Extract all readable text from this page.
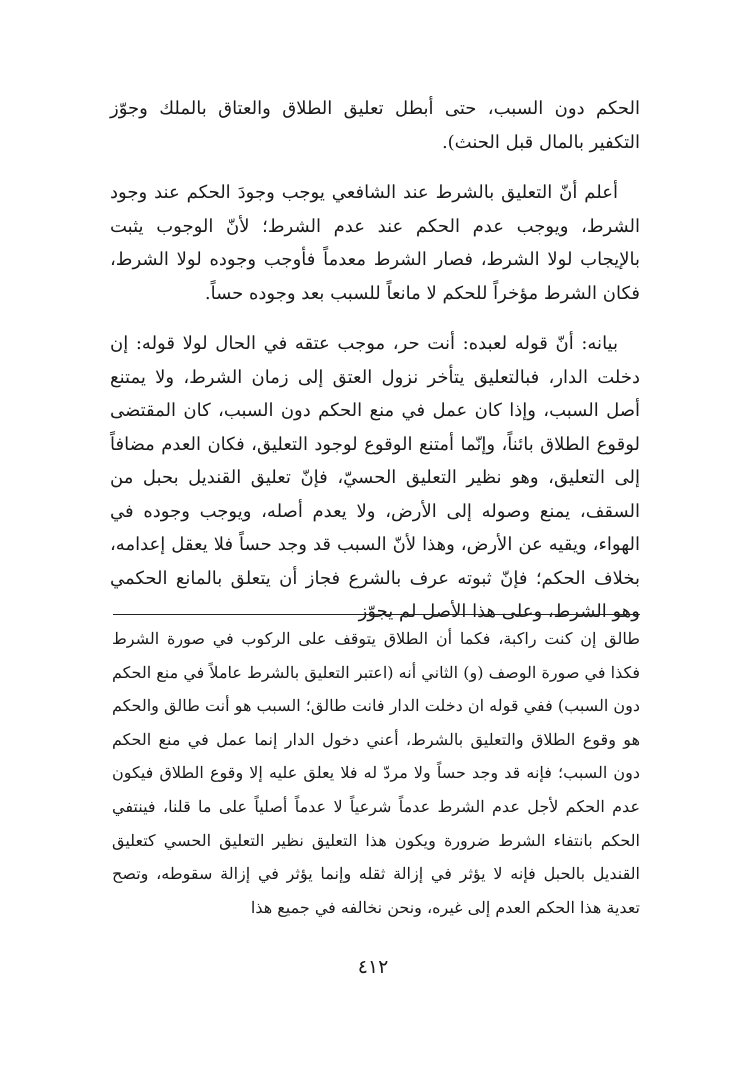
الحكم دون السبب، حتى أبطل تعليق الطلاق والعتاق بالملك وجوّز التكفير بالمال قبل الحنث).

أعلم أنّ التعليق بالشرط عند الشافعي يوجب وجودَ الحكم عند وجود الشرط، ويوجب عدم الحكم عند عدم الشرط؛ لأنّ الوجوب يثبت بالإيجاب لولا الشرط، فصار الشرط معدماً فأوجب وجوده لولا الشرط، فكان الشرط مؤخراً للحكم لا مانعاً للسبب بعد وجوده حساً.

بيانه: أنّ قوله لعبده: أنت حر، موجب عتقه في الحال لولا قوله: إن دخلت الدار، فبالتعليق يتأخر نزول العتق إلى زمان الشرط، ولا يمتنع أصل السبب، وإذا كان عمل في منع الحكم دون السبب، كان المقتضى لوقوع الطلاق بائناً، وإنّما أمتنع الوقوع لوجود التعليق، فكان العدم مضافاً إلى التعليق، وهو نظير التعليق الحسيّ، فإنّ تعليق القنديل بحبل من السقف، يمنع وصوله إلى الأرض، ولا يعدم أصله، ويوجب وجوده في الهواء، ويقيه عن الأرض، وهذا لأنّ السبب قد وجد حساً فلا يعقل إعدامه، بخلاف الحكم؛ فإنّ ثبوته عرف بالشرع فجاز أن يتعلق بالمانع الحكمي وهو الشرط، وعلى هذا الأصل لم يجوّز

طالق إن كنت راكبة، فكما أن الطلاق يتوقف على الركوب في صورة الشرط فكذا في صورة الوصف (و) الثاني أنه (اعتبر التعليق بالشرط عاملاً في منع الحكم دون السبب) ففي قوله ان دخلت الدار فانت طالق؛ السبب هو أنت طالق والحكم هو وقوع الطلاق والتعليق بالشرط، أعني دخول الدار إنما عمل في منع الحكم دون السبب؛ فإنه قد وجد حساً ولا مردّ له فلا يعلق عليه إلا وقوع الطلاق فيكون عدم الحكم لأجل عدم الشرط عدماً شرعياً لا عدماً أصلياً على ما قلنا، فينتفي الحكم بانتفاء الشرط ضرورة ويكون هذا التعليق نظير التعليق الحسي كتعليق القنديل بالحبل فإنه لا يؤثر في إزالة ثقله وإنما يؤثر في إزالة سقوطه، وتصح تعدية هذا الحكم العدم إلى غيره، ونحن نخالفه في جميع هذا

٤١٢
